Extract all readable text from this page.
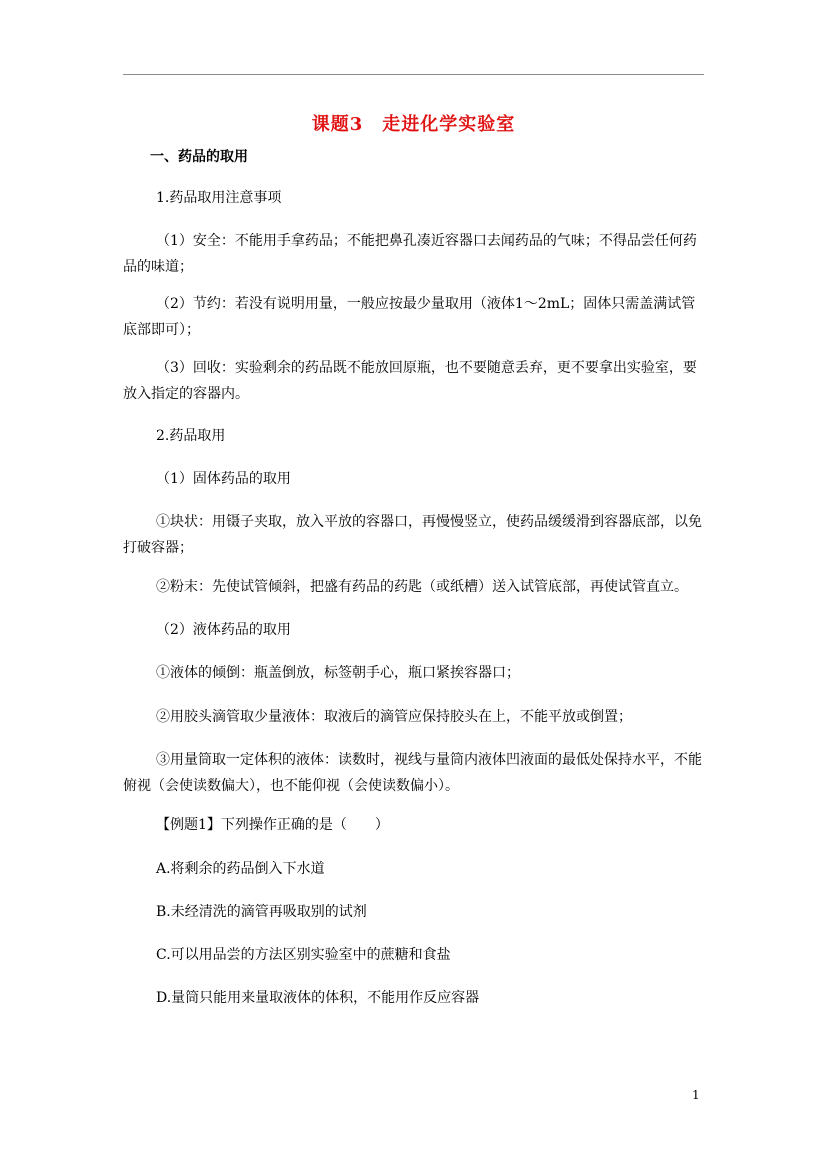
课题3　走进化学实验室
一、药品的取用
1.药品取用注意事项
（1）安全：不能用手拿药品；不能把鼻孔凑近容器口去闻药品的气味；不得品尝任何药品的味道；
（2）节约：若没有说明用量，一般应按最少量取用（液体1～2mL；固体只需盖满试管底部即可）；
（3）回收：实验剩余的药品既不能放回原瓶，也不要随意丢弃，更不要拿出实验室，要放入指定的容器内。
2.药品取用
（1）固体药品的取用
①块状：用镊子夹取，放入平放的容器口，再慢慢竖立，使药品缓缓滑到容器底部，以免打破容器；
②粉末：先使试管倾斜，把盛有药品的药匙（或纸槽）送入试管底部，再使试管直立。
（2）液体药品的取用
①液体的倾倒：瓶盖倒放，标签朝手心，瓶口紧挨容器口；
②用胶头滴管取少量液体：取液后的滴管应保持胶头在上，不能平放或倒置；
③用量筒取一定体积的液体：读数时，视线与量筒内液体凹液面的最低处保持水平，不能俯视（会使读数偏大），也不能仰视（会使读数偏小）。
【例题1】下列操作正确的是（　　）
A.将剩余的药品倒入下水道
B.未经清洗的滴管再吸取别的试剂
C.可以用品尝的方法区别实验室中的蔗糖和食盐
D.量筒只能用来量取液体的体积，不能用作反应容器
1
